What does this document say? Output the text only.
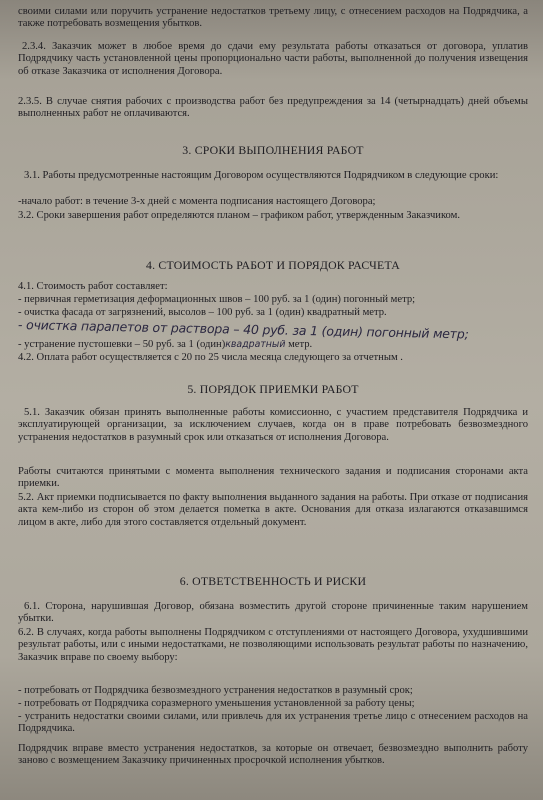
своими силами или поручить устранение недостатков третьему лицу, с отнесением расходов на Подрядчика, а также потребовать возмещения убытков.

2.3.4. Заказчик может в любое время до сдачи ему результата работы отказаться от договора, уплатив Подрядчику часть установленной цены пропорционально части работы, выполненной до получения извещения об отказе Заказчика от исполнения Договора.

2.3.5. В случае снятия рабочих с производства работ без предупреждения за 14 (четырнадцать) дней объемы выполненных работ не оплачиваются.

3. СРОКИ ВЫПОЛНЕНИЯ РАБОТ

3.1. Работы предусмотренные настоящим Договором осуществляются Подрядчиком в следующие сроки:

-начало работ: в течение 3-х дней с момента подписания настоящего Договора;

3.2. Сроки завершения работ определяются планом – графиком работ, утвержденным Заказчиком.

4. СТОИМОСТЬ РАБОТ И ПОРЯДОК РАСЧЕТА

4.1. Стоимость работ составляет:

- первичная герметизация деформационных швов – 100 руб. за 1 (один) погонный метр;

- очистка фасада от загрязнений, высолов – 100 руб. за 1 (один) квадратный метр.

- очистка парапетов от раствора – 40 руб. за 1 (один) погонный метр;

- устранение пустошевки – 50 руб. за 1 (один)квадратный метр.

4.2. Оплата работ осуществляется с 20 по 25 числа месяца следующего за отчетным .

5. ПОРЯДОК ПРИЕМКИ РАБОТ

5.1. Заказчик обязан принять выполненные работы комиссионно, с участием представителя Подрядчика и эксплуатирующей организации, за исключением случаев, когда он в праве потребовать безвозмездного устранения недостатков в разумный срок или отказаться от исполнения Договора.

Работы считаются принятыми с момента выполнения технического задания и подписания сторонами акта приемки.

5.2. Акт приемки подписывается по факту выполнения выданного задания на работы. При отказе от подписания акта кем-либо из сторон об этом делается пометка в акте. Основания для отказа излагаются отказавшимся лицом в акте, либо для этого составляется отдельный документ.

6. ОТВЕТСТВЕННОСТЬ И РИСКИ

6.1. Сторона, нарушившая Договор, обязана возместить другой стороне причиненные таким нарушением убытки.

6.2. В случаях, когда работы выполнены Подрядчиком с отступлениями от настоящего Договора, ухудшившими результат работы, или с иными недостатками, не позволяющими использовать результат работы по назначению, Заказчик вправе по своему выбору:

- потребовать от Подрядчика безвозмездного устранения недостатков в разумный срок;

- потребовать от Подрядчика соразмерного уменьшения установленной за работу цены;

- устранить недостатки своими силами, или привлечь для их устранения третье лицо с отнесением расходов на Подрядчика.

Подрядчик вправе вместо устранения недостатков, за которые он отвечает, безвозмездно выполнить работу заново с возмещением Заказчику причиненных просрочкой исполнения убытков.
